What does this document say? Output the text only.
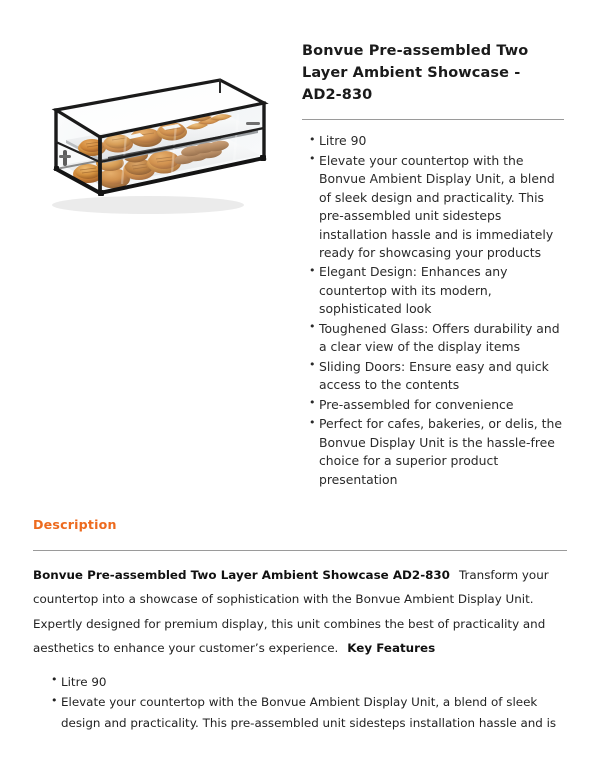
Bonvue Pre-assembled Two Layer Ambient Showcase - AD2-830
• Litre 90
• Elevate your countertop with the Bonvue Ambient Display Unit, a blend of sleek design and practicality. This pre-assembled unit sidesteps installation hassle and is immediately ready for showcasing your products
• Elegant Design: Enhances any countertop with its modern, sophisticated look
• Toughened Glass: Offers durability and a clear view of the display items
• Sliding Doors: Ensure easy and quick access to the contents
• Pre-assembled for convenience
• Perfect for cafes, bakeries, or delis, the Bonvue Display Unit is the hassle-free choice for a superior product presentation
Description

Bonvue Pre-assembled Two Layer Ambient Showcase AD2-830 Transform your countertop into a showcase of sophistication with the Bonvue Ambient Display Unit. Expertly designed for premium display, this unit combines the best of practicality and aesthetics to enhance your customer’s experience. Key Features

• Litre 90
• Elevate your countertop with the Bonvue Ambient Display Unit, a blend of sleek design and practicality. This pre-assembled unit sidesteps installation hassle and is
